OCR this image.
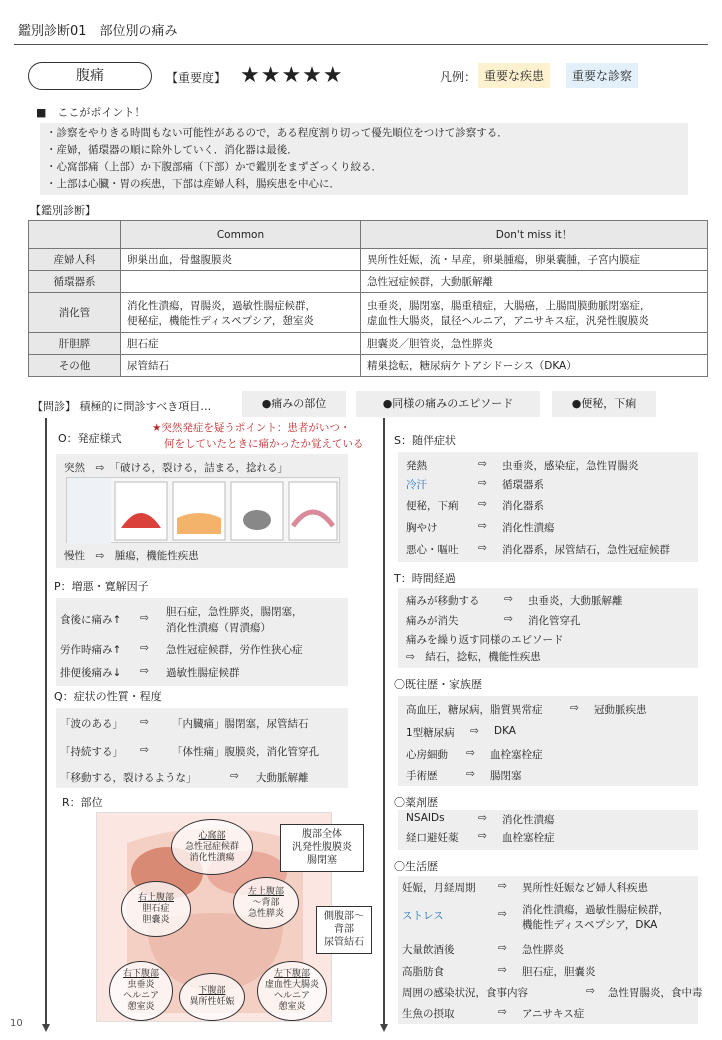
鑑別診断01　部位別の痛み
腹痛	【重要度】 ★★★★★	凡例： 重要な疾患	重要な診察
■　ここがポイント！
・診察をやりきる時間もない可能性があるので，ある程度割り切って優先順位をつけて診察する．
・産婦，循環器の順に除外していく．消化器は最後．
・心窩部痛（上部）か下腹部痛（下部）かで鑑別をまずざっくり絞る．
・上部は心臓・胃の疾患，下部は産婦人科，腸疾患を中心に．
【鑑別診断】
	Common	Don't miss it！
産婦人科	卵巣出血，骨盤腹膜炎	異所性妊娠，流・早産，卵巣腫瘍，卵巣囊腫，子宮内膜症
循環器系		急性冠症候群，大動脈解離
消化管	消化性潰瘍，胃腸炎，過敏性腸症候群，
便秘症，機能性ディスペプシア，憩室炎	虫垂炎，腸閉塞，腸重積症，大腸癌，上腸間膜動脈閉塞症，
虚血性大腸炎，鼠径ヘルニア，アニサキス症，汎発性腹膜炎
肝胆膵	胆石症	胆囊炎／胆管炎，急性膵炎
その他	尿管結石	精巣捻転，糖尿病ケトアシドーシス（DKA）
【問診】 積極的に問診すべき項目…	●痛みの部位	●同様の痛みのエピソード	●便秘，下痢
O：発症様式
★突然発症を疑うポイント：患者がいつ・
何をしていたときに痛かったか覚えている
突然　⇨　「破ける，裂ける，詰まる，捻れる」
慢性　⇨　腫瘍，機能性疾患
P：増悪・寛解因子
食後に痛み↑ ⇨ 胆石症，急性膵炎，腸閉塞，
消化性潰瘍（胃潰瘍）
労作時痛み↑ ⇨ 急性冠症候群，労作性狭心症
排便後痛み↓ ⇨ 過敏性腸症候群
Q：症状の性質・程度
「波のある」 ⇨ 「内臓痛」腸閉塞，尿管結石
「持続する」 ⇨ 「体性痛」腹膜炎，消化管穿孔
「移動する，裂けるような」	⇨ 大動脈解離
R：部位
心窩部
急性冠症候群
消化性潰瘍
右上腹部
胆石症
胆嚢炎
左上腹部
〜背部
急性膵炎
右下腹部
虫垂炎
ヘルニア
憩室炎
下腹部
異所性妊娠
左下腹部
虚血性大腸炎
ヘルニア
憩室炎
腹部全体
汎発性腹膜炎
腸閉塞
側腹部〜
背部
尿管結石
S：随伴症状
発熱	⇨ 虫垂炎，感染症，急性胃腸炎
冷汗	⇨ 循環器系
便秘，下痢 ⇨ 消化器系
胸やけ	⇨ 消化性潰瘍
悪心・嘔吐 ⇨ 消化器系，尿管結石，急性冠症候群
T：時間経過
痛みが移動する ⇨ 虫垂炎，大動脈解離
痛みが消失	⇨ 消化管穿孔
痛みを繰り返す同様のエピソード
⇨　結石，捻転，機能性疾患
〇既往歴・家族歴
高血圧，糖尿病，脂質異常症	⇨ 冠動脈疾患
1型糖尿病 ⇨ DKA
心房細動 ⇨ 血栓塞栓症
手術歴	⇨ 腸閉塞
〇薬剤歴
NSAIDs	⇨ 消化性潰瘍
経口避妊薬 ⇨ 血栓塞栓症
〇生活歴
妊娠，月経周期 ⇨ 異所性妊娠など婦人科疾患
ストレス	⇨ 消化性潰瘍，過敏性腸症候群，
機能性ディスペプシア，DKA
大量飲酒後	⇨ 急性膵炎
高脂肪食	⇨ 胆石症，胆嚢炎
周囲の感染状況，食事内容	⇨ 急性胃腸炎，食中毒
生魚の摂取	⇨ アニサキス症
10
